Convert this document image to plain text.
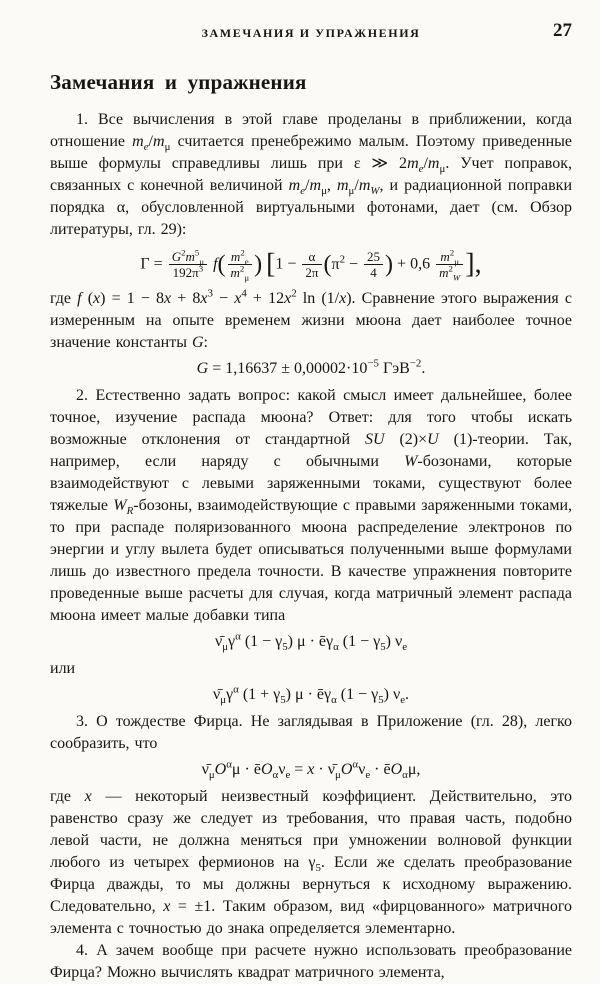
ЗАМЕЧАНИЯ И УПРАЖНЕНИЯ	27
Замечания и упражнения

1. Все вычисления в этой главе проделаны в приближении, когда отношение $m_e/m_\mu$ считается пренебрежимо малым. Поэтому приведенные выше формулы справедливы лишь при ε ≫ $2m_e/m_\mu$. Учет поправок, связанных с конечной величиной $m_e/m_\mu$, $m_\mu/m_W$, и радиационной поправки порядка α, обусловленной виртуальными фотонами, дает (см. Обзор литературы, гл. 29):

$\Gamma = \frac{G^2m^5_\mu}{192\pi^3} f( \frac{m^2_e}{m^2_\mu}$ ) [$1 - \frac{\alpha}{2\pi} (\pi^2 - \frac{25}{4}$ ) + $0,6 \frac{m^2_\mu}{m^2_W}$ ],

где f $(x) = 1 - 8x + 8x^3 - x^4 + 12x^2$ ln (1/x). Сравнение этого выражения с измеренным на опыте временем жизни мюона дает наиболее точное значение константы G:

$G = 1,16637 \pm 0,00002\cdot 10^{-5}$ ГэВ$^{-2}$.

2. Естественно задать вопрос: какой смысл имеет дальнейшее, более точное, изучение распада мюона? Ответ: для того чтобы искать возможные отклонения от стандартной SU (2)×U (1)-теории. Так, например, если наряду с обычными W-бозонами, которые взаимодействуют с левыми заряженными токами, существуют более тяжелые $W_R$-бозоны, взаимодействующие с правыми заряженными токами, то при распаде поляризованного мюона распределение электронов по энергии и углу вылета будет описываться полученными выше формулами лишь до известного предела точности. В качестве упражнения повторите проведенные выше расчеты для случая, когда матричный элемент распада мюона имеет малые добавки типа

$\nū_\mu\gamma^\alpha$ $(1 - \gamma_5)$ $\mu \cdot ē\gamma_\alpha$ $(1 - \gamma_5)$ $\nu_e$

или

$\nū_\mu\gamma^\alpha$ $(1 + \gamma_5)$ $\mu \cdot ē\gamma_\alpha$ $(1 - \gamma_5)$ $\nu_e$.

3. О тождестве Фирца. Не заглядывая в Приложение (гл. 28), легко сообразить, что

$\nū_\mu O^\alpha\mu$ · $ēO_\alpha\nu_e = x$ · $\nū_\mu O^\alpha\nu_e$ · $ēO_\alpha\mu$,

где x — некоторый неизвестный коэффициент. Действительно, это равенство сразу же следует из требования, что правая часть, подобно левой части, не должна меняться при умножении волновой функции любого из четырех фермионов на $\gamma_5$. Если же сделать преобразование Фирца дважды, то мы должны вернуться к исходному выражению. Следовательно, x = ±1. Таким образом, вид «фирцованного» матричного элемента с точностью до знака определяется элементарно.

4. А зачем вообще при расчете нужно использовать преобразование Фирца? Можно вычислять квадрат матричного элемента,
